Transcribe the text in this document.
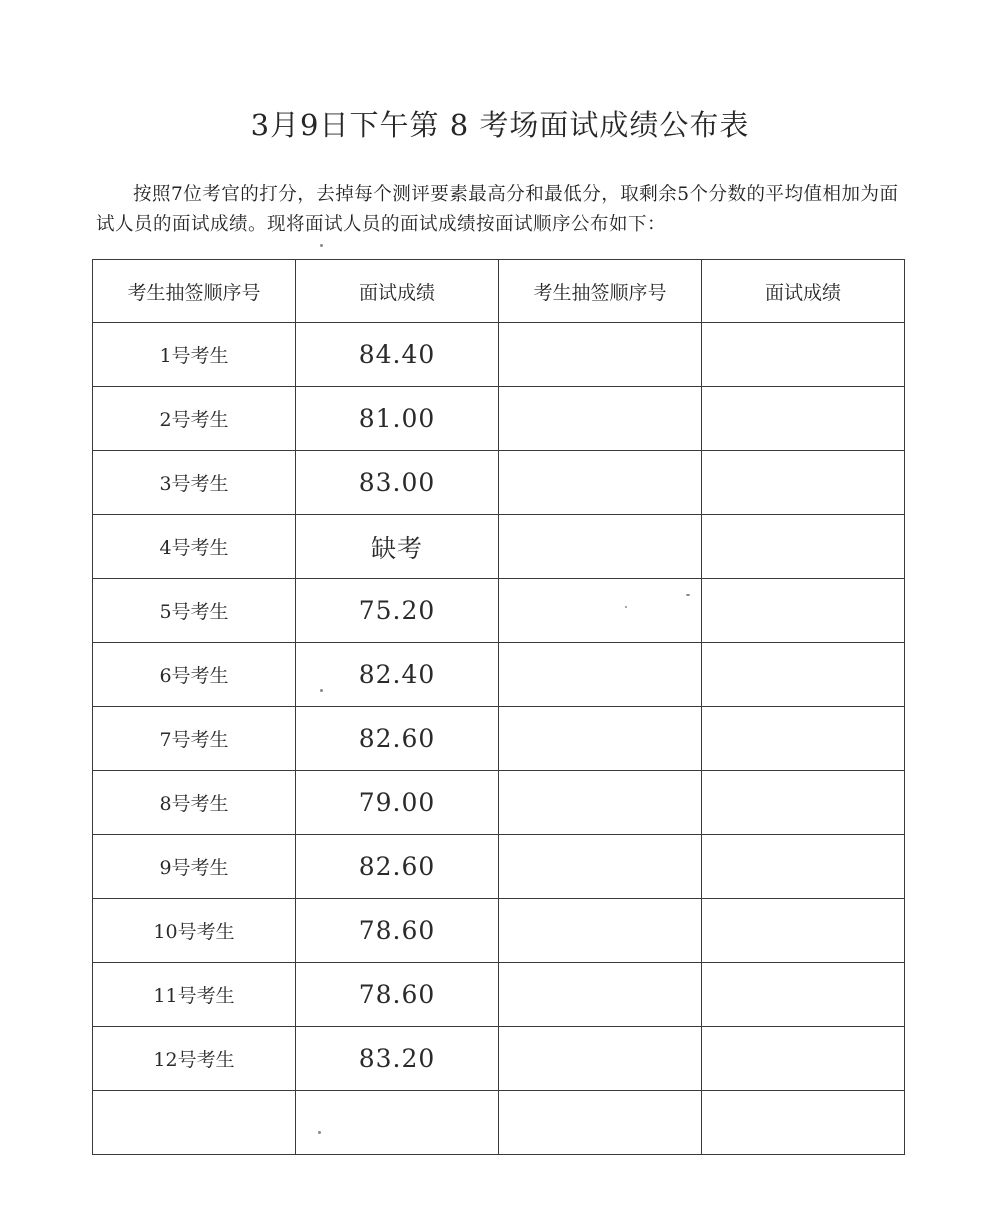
3月9日下午第 8 考场面试成绩公布表
按照7位考官的打分，去掉每个测评要素最高分和最低分，取剩余5个分数的平均值相加为面试人员的面试成绩。现将面试人员的面试成绩按面试顺序公布如下：
考生抽签顺序号	面试成绩	考生抽签顺序号	面试成绩
1号考生	84.40		
2号考生	81.00		
3号考生	83.00		
4号考生	缺考		
5号考生	75.20		
6号考生	82.40		
7号考生	82.60		
8号考生	79.00		
9号考生	82.60		
10号考生	78.60		
11号考生	78.60		
12号考生	83.20		
